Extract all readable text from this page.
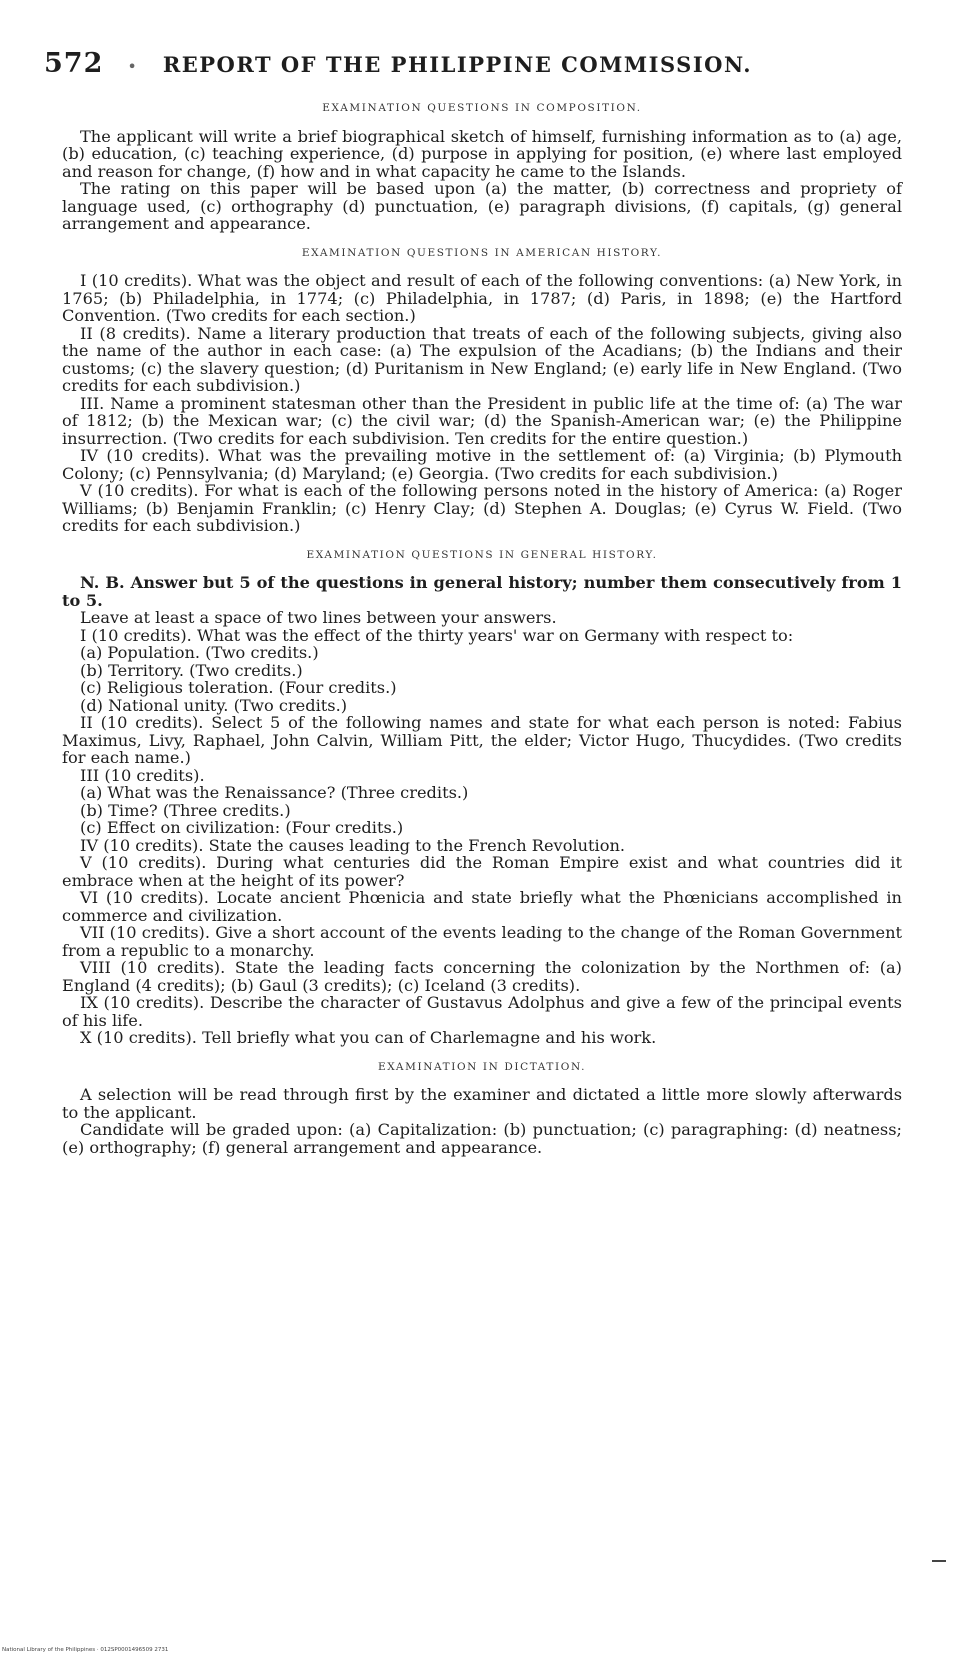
572 • REPORT OF THE PHILIPPINE COMMISSION.
EXAMINATION QUESTIONS IN COMPOSITION.

The applicant will write a brief biographical sketch of himself, furnishing information as to (a) age, (b) education, (c) teaching experience, (d) purpose in applying for position, (e) where last employed and reason for change, (f) how and in what capacity he came to the Islands.

The rating on this paper will be based upon (a) the matter, (b) correctness and propriety of language used, (c) orthography (d) punctuation, (e) paragraph divisions, (f) capitals, (g) general arrangement and appearance.

EXAMINATION QUESTIONS IN AMERICAN HISTORY.

I (10 credits). What was the object and result of each of the following conventions: (a) New York, in 1765; (b) Philadelphia, in 1774; (c) Philadelphia, in 1787; (d) Paris, in 1898; (e) the Hartford Convention. (Two credits for each section.)

II (8 credits). Name a literary production that treats of each of the following subjects, giving also the name of the author in each case: (a) The expulsion of the Acadians; (b) the Indians and their customs; (c) the slavery question; (d) Puritanism in New England; (e) early life in New England. (Two credits for each subdivision.)

III. Name a prominent statesman other than the President in public life at the time of: (a) The war of 1812; (b) the Mexican war; (c) the civil war; (d) the Spanish-American war; (e) the Philippine insurrection. (Two credits for each subdivision. Ten credits for the entire question.)

IV (10 credits). What was the prevailing motive in the settlement of: (a) Virginia; (b) Plymouth Colony; (c) Pennsylvania; (d) Maryland; (e) Georgia. (Two credits for each subdivision.)

V (10 credits). For what is each of the following persons noted in the history of America: (a) Roger Williams; (b) Benjamin Franklin; (c) Henry Clay; (d) Stephen A. Douglas; (e) Cyrus W. Field. (Two credits for each subdivision.)

EXAMINATION QUESTIONS IN GENERAL HISTORY.

N. B. Answer but 5 of the questions in general history; number them consecutively from 1 to 5.

Leave at least a space of two lines between your answers.

I (10 credits). What was the effect of the thirty years' war on Germany with respect to:

(a) Population. (Two credits.)

(b) Territory. (Two credits.)

(c) Religious toleration. (Four credits.)

(d) National unity. (Two credits.)

II (10 credits). Select 5 of the following names and state for what each person is noted: Fabius Maximus, Livy, Raphael, John Calvin, William Pitt, the elder; Victor Hugo, Thucydides. (Two credits for each name.)

III (10 credits).

(a) What was the Renaissance? (Three credits.)

(b) Time? (Three credits.)

(c) Effect on civilization: (Four credits.)

IV (10 credits). State the causes leading to the French Revolution.

V (10 credits). During what centuries did the Roman Empire exist and what countries did it embrace when at the height of its power?

VI (10 credits). Locate ancient Phœnicia and state briefly what the Phœnicians accomplished in commerce and civilization.

VII (10 credits). Give a short account of the events leading to the change of the Roman Government from a republic to a monarchy.

VIII (10 credits). State the leading facts concerning the colonization by the Northmen of: (a) England (4 credits); (b) Gaul (3 credits); (c) Iceland (3 credits).

IX (10 credits). Describe the character of Gustavus Adolphus and give a few of the principal events of his life.

X (10 credits). Tell briefly what you can of Charlemagne and his work.

EXAMINATION IN DICTATION.

A selection will be read through first by the examiner and dictated a little more slowly afterwards to the applicant.

Candidate will be graded upon: (a) Capitalization: (b) punctuation; (c) paragraphing: (d) neatness; (e) orthography; (f) general arrangement and appearance.

National Library of the Philippines · 012SP0001496509 2731
